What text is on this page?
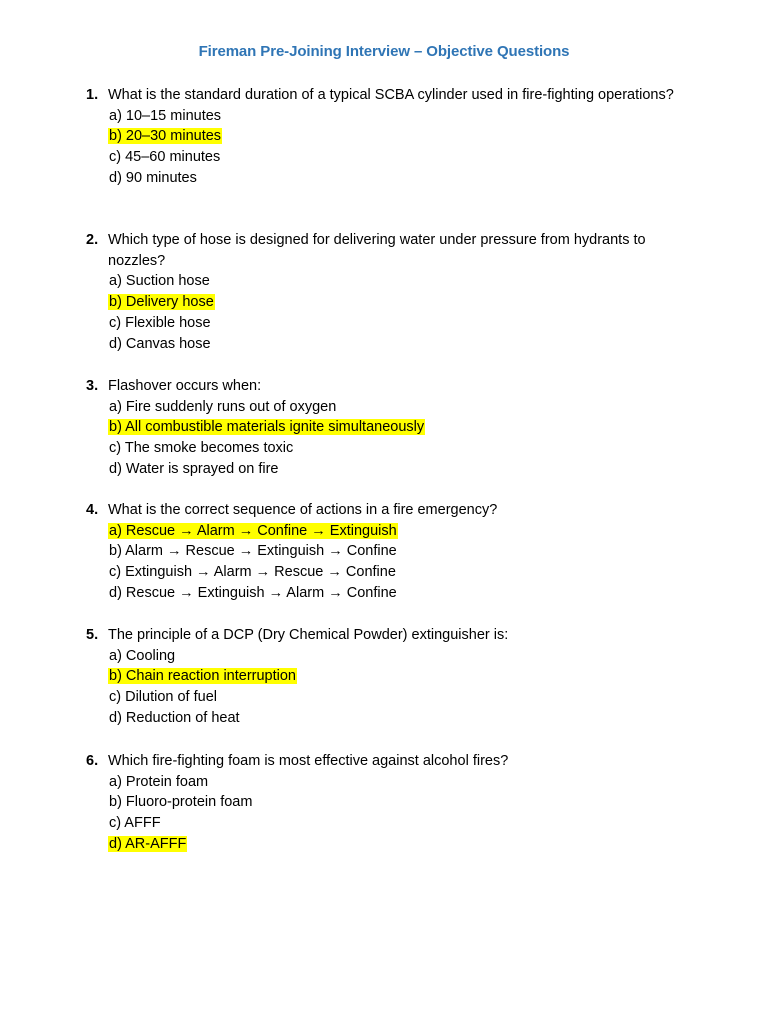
Fireman Pre-Joining Interview – Objective Questions
1. What is the standard duration of a typical SCBA cylinder used in fire-fighting operations?
a) 10–15 minutes
b) 20–30 minutes
c) 45–60 minutes
d) 90 minutes
2. Which type of hose is designed for delivering water under pressure from hydrants to nozzles?
a) Suction hose
b) Delivery hose
c) Flexible hose
d) Canvas hose
3. Flashover occurs when:
a) Fire suddenly runs out of oxygen
b) All combustible materials ignite simultaneously
c) The smoke becomes toxic
d) Water is sprayed on fire
4. What is the correct sequence of actions in a fire emergency?
a) Rescue → Alarm → Confine → Extinguish
b) Alarm → Rescue → Extinguish → Confine
c) Extinguish → Alarm → Rescue → Confine
d) Rescue → Extinguish → Alarm → Confine
5. The principle of a DCP (Dry Chemical Powder) extinguisher is:
a) Cooling
b) Chain reaction interruption
c) Dilution of fuel
d) Reduction of heat
6. Which fire-fighting foam is most effective against alcohol fires?
a) Protein foam
b) Fluoro-protein foam
c) AFFF
d) AR-AFFF
